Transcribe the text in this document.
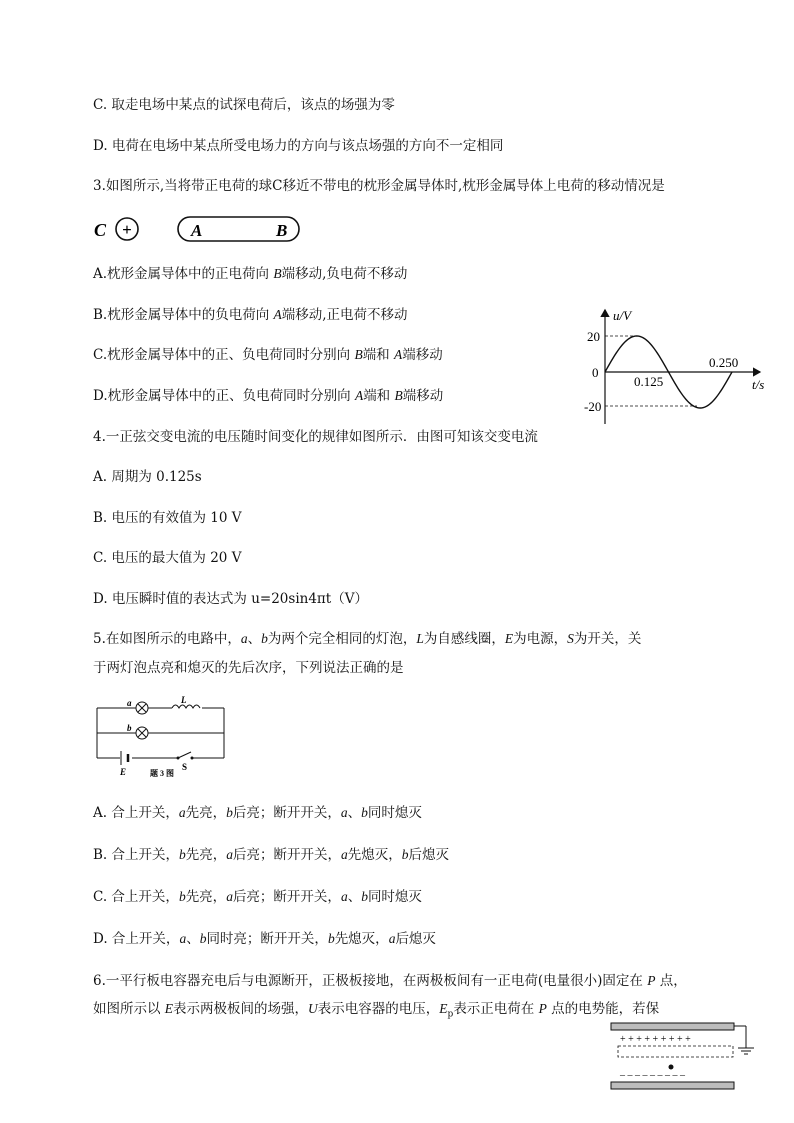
C. 取走电场中某点的试探电荷后，该点的场强为零
D. 电荷在电场中某点所受电场力的方向与该点场强的方向不一定相同
3.如图所示,当将带正电荷的球C移近不带电的枕形金属导体时,枕形金属导体上电荷的移动情况是
C +	A	B
A.枕形金属导体中的正电荷向 B端移动,负电荷不移动
B.枕形金属导体中的负电荷向 A端移动,正电荷不移动
C.枕形金属导体中的正、负电荷同时分别向 B端和 A端移动
D.枕形金属导体中的正、负电荷同时分别向 A端和 B端移动
u/V
t/s
20
0
-20
0.125
0.250
4.一正弦交变电流的电压随时间变化的规律如图所示．由图可知该交变电流
A. 周期为 0.125s
B. 电压的有效值为 10 V
C. 电压的最大值为 20 V
D. 电压瞬时值的表达式为 u=20sin4πt（V）
5.在如图所示的电路中，a、b为两个完全相同的灯泡，L为自感线圈，E为电源，S为开关，关
于两灯泡点亮和熄灭的先后次序，下列说法正确的是
a	L
b
E	S
题 3 图
A. 合上开关，a先亮，b后亮；断开开关，a、b同时熄灭
B. 合上开关，b先亮，a后亮；断开开关，a先熄灭，b后熄灭
C. 合上开关，b先亮，a后亮；断开开关，a、b同时熄灭
D. 合上开关，a、b同时亮；断开开关，b先熄灭，a后熄灭
6.一平行板电容器充电后与电源断开，正极板接地，在两极板间有一正电荷(电量很小)固定在 P 点，
如图所示以 E表示两极板间的场强，U表示电容器的电压，$E_p$表示正电荷在 P 点的电势能，若保
+ + + + + + + + +
– – – – – – – – –
